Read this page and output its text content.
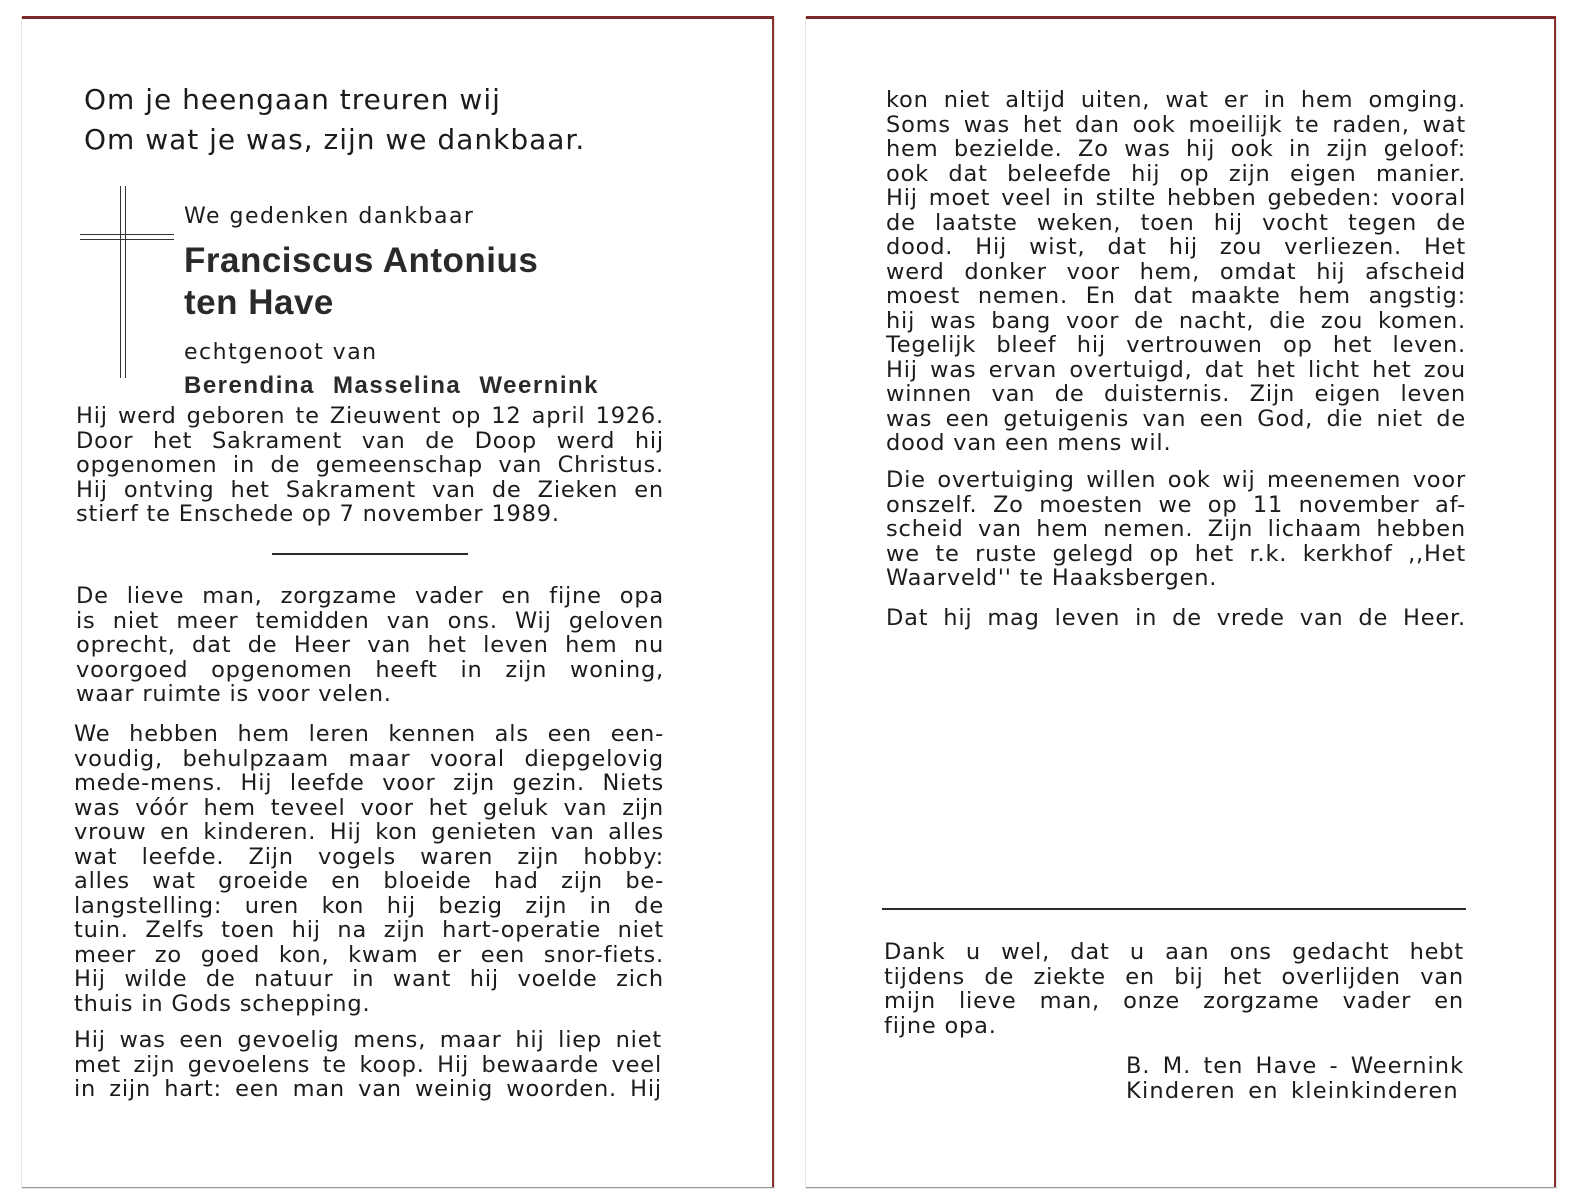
Om je heengaan treuren wij
Om wat je was, zijn we dankbaar.
We gedenken dankbaar
Franciscus Antonius
ten Have
echtgenoot van
Berendina Masselina Weernink
Hij werd geboren te Zieuwent op 12 april 1926.
Door het Sakrament van de Doop werd hij
opgenomen in de gemeenschap van Christus.
Hij ontving het Sakrament van de Zieken en
stierf te Enschede op 7 november 1989.
De lieve man, zorgzame vader en fijne opa
is niet meer temidden van ons. Wij geloven
oprecht, dat de Heer van het leven hem nu
voorgoed opgenomen heeft in zijn woning,
waar ruimte is voor velen.
We hebben hem leren kennen als een een-
voudig, behulpzaam maar vooral diepgelovig
mede-mens. Hij leefde voor zijn gezin. Niets
was vóór hem teveel voor het geluk van zijn
vrouw en kinderen. Hij kon genieten van alles
wat leefde. Zijn vogels waren zijn hobby:
alles wat groeide en bloeide had zijn be-
langstelling: uren kon hij bezig zijn in de
tuin. Zelfs toen hij na zijn hart-operatie niet
meer zo goed kon, kwam er een snor-fiets.
Hij wilde de natuur in want hij voelde zich
thuis in Gods schepping.
Hij was een gevoelig mens, maar hij liep niet
met zijn gevoelens te koop. Hij bewaarde veel
in zijn hart: een man van weinig woorden. Hij
kon niet altijd uiten, wat er in hem omging.
Soms was het dan ook moeilijk te raden, wat
hem bezielde. Zo was hij ook in zijn geloof:
ook dat beleefde hij op zijn eigen manier.
Hij moet veel in stilte hebben gebeden: vooral
de laatste weken, toen hij vocht tegen de
dood. Hij wist, dat hij zou verliezen. Het
werd donker voor hem, omdat hij afscheid
moest nemen. En dat maakte hem angstig:
hij was bang voor de nacht, die zou komen.
Tegelijk bleef hij vertrouwen op het leven.
Hij was ervan overtuigd, dat het licht het zou
winnen van de duisternis. Zijn eigen leven
was een getuigenis van een God, die niet de
dood van een mens wil.
Die overtuiging willen ook wij meenemen voor
onszelf. Zo moesten we op 11 november af-
scheid van hem nemen. Zijn lichaam hebben
we te ruste gelegd op het r.k. kerkhof ,,Het
Waarveld'' te Haaksbergen.
Dat hij mag leven in de vrede van de Heer.
Dank u wel, dat u aan ons gedacht hebt
tijdens de ziekte en bij het overlijden van
mijn lieve man, onze zorgzame vader en
fijne opa.
B. M. ten Have - Weernink
Kinderen en kleinkinderen
